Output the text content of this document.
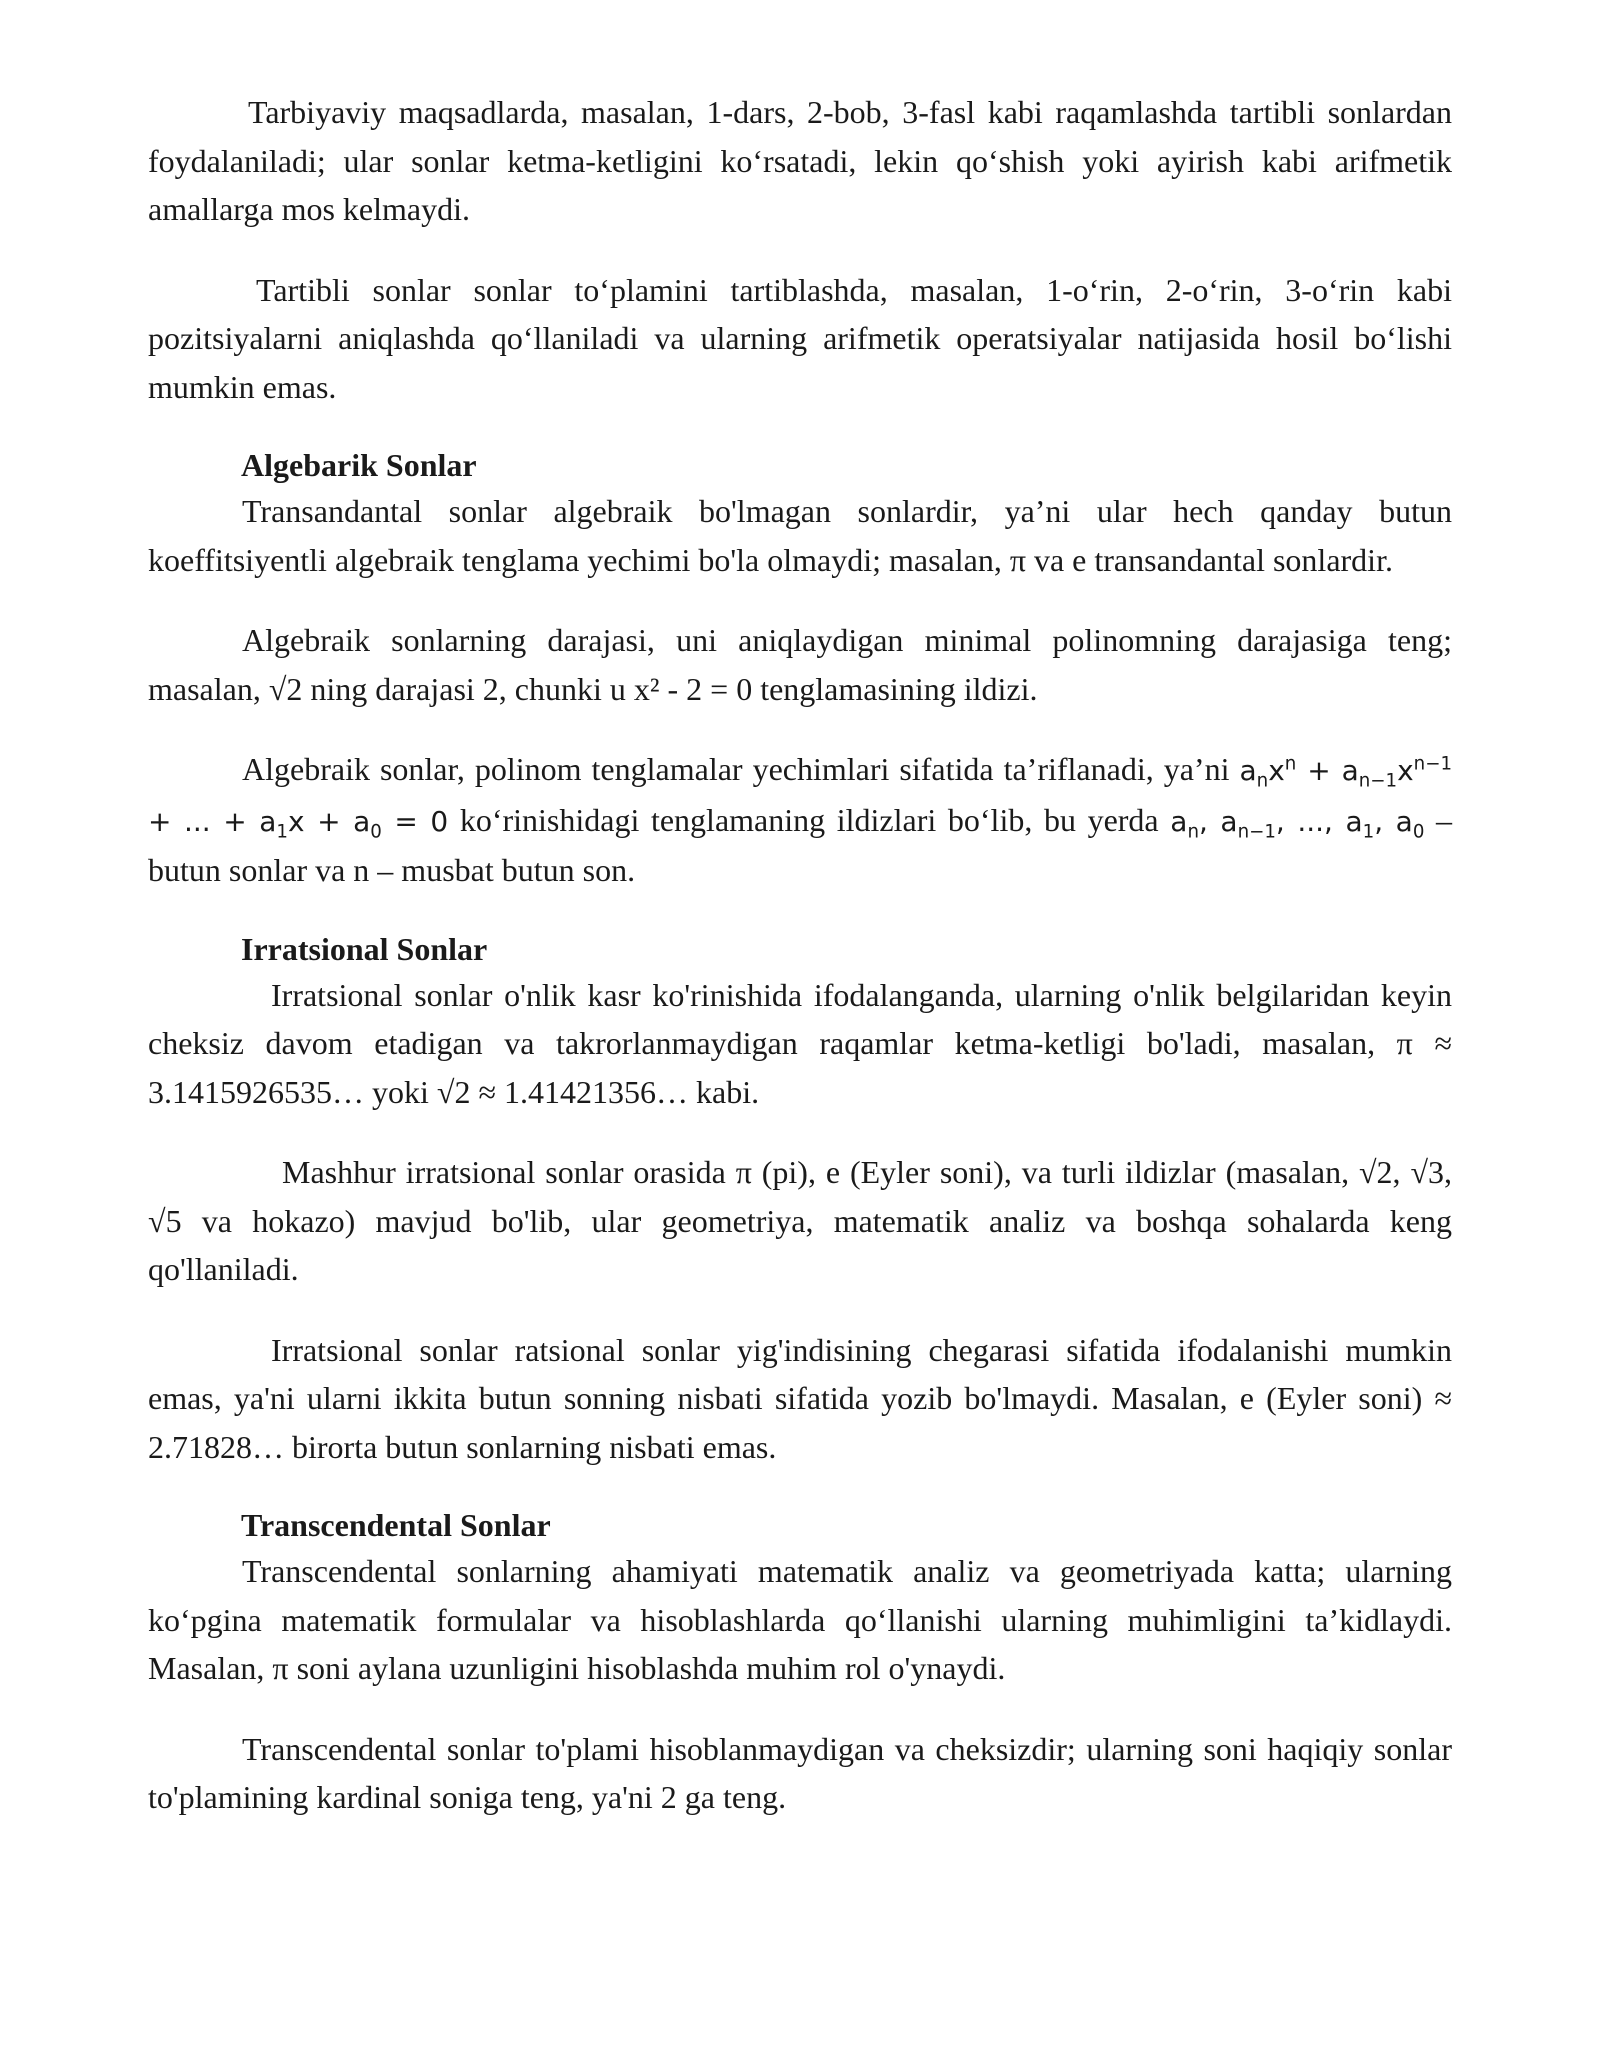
Tarbiyaviy maqsadlarda, masalan, 1-dars, 2-bob, 3-fasl kabi raqamlashda tartibli sonlardan foydalaniladi; ular sonlar ketma-ketligini ko‘rsatadi, lekin qo‘shish yoki ayirish kabi arifmetik amallarga mos kelmaydi.

Tartibli sonlar sonlar to‘plamini tartiblashda, masalan, 1-o‘rin, 2-o‘rin, 3-o‘rin kabi pozitsiyalarni aniqlashda qo‘llaniladi va ularning arifmetik operatsiyalar natijasida hosil bo‘lishi mumkin emas.

Algebarik Sonlar

Transandantal sonlar algebraik bo'lmagan sonlardir, ya’ni ular hech qanday butun koeffitsiyentli algebraik tenglama yechimi bo'la olmaydi; masalan, π va e transandantal sonlardir.

Algebraik sonlarning darajasi, uni aniqlaydigan minimal polinomning darajasiga teng; masalan, √2 ning darajasi 2, chunki u x² - 2 = 0 tenglamasining ildizi.

Algebraik sonlar, polinom tenglamalar yechimlari sifatida ta’riflanadi, ya’ni $a_nx^n + a_{n-1}x^{n-1}$ + ... + $a_1x + a_0 = 0$ ko‘rinishidagi tenglamaning ildizlari bo‘lib, bu yerda $a_n$, $a_{n-1}$, ..., $a_1$, $a_0$ – butun sonlar va n – musbat butun son.

Irratsional Sonlar

Irratsional sonlar o'nlik kasr ko'rinishida ifodalanganda, ularning o'nlik belgilaridan keyin cheksiz davom etadigan va takrorlanmaydigan raqamlar ketma-ketligi bo'ladi, masalan, π ≈ 3.1415926535… yoki √2 ≈ 1.41421356… kabi.

Mashhur irratsional sonlar orasida π (pi), e (Eyler soni), va turli ildizlar (masalan, √2, √3, √5 va hokazo) mavjud bo'lib, ular geometriya, matematik analiz va boshqa sohalarda keng qo'llaniladi.

Irratsional sonlar ratsional sonlar yig'indisining chegarasi sifatida ifodalanishi mumkin emas, ya'ni ularni ikkita butun sonning nisbati sifatida yozib bo'lmaydi. Masalan, e (Eyler soni) ≈ 2.71828… birorta butun sonlarning nisbati emas.

Transcendental Sonlar

Transcendental sonlarning ahamiyati matematik analiz va geometriyada katta; ularning ko‘pgina matematik formulalar va hisoblashlarda qo‘llanishi ularning muhimligini ta’kidlaydi. Masalan, π soni aylana uzunligini hisoblashda muhim rol o'ynaydi.

Transcendental sonlar to'plami hisoblanmaydigan va cheksizdir; ularning soni haqiqiy sonlar to'plamining kardinal soniga teng, ya'ni 2 ga teng.
